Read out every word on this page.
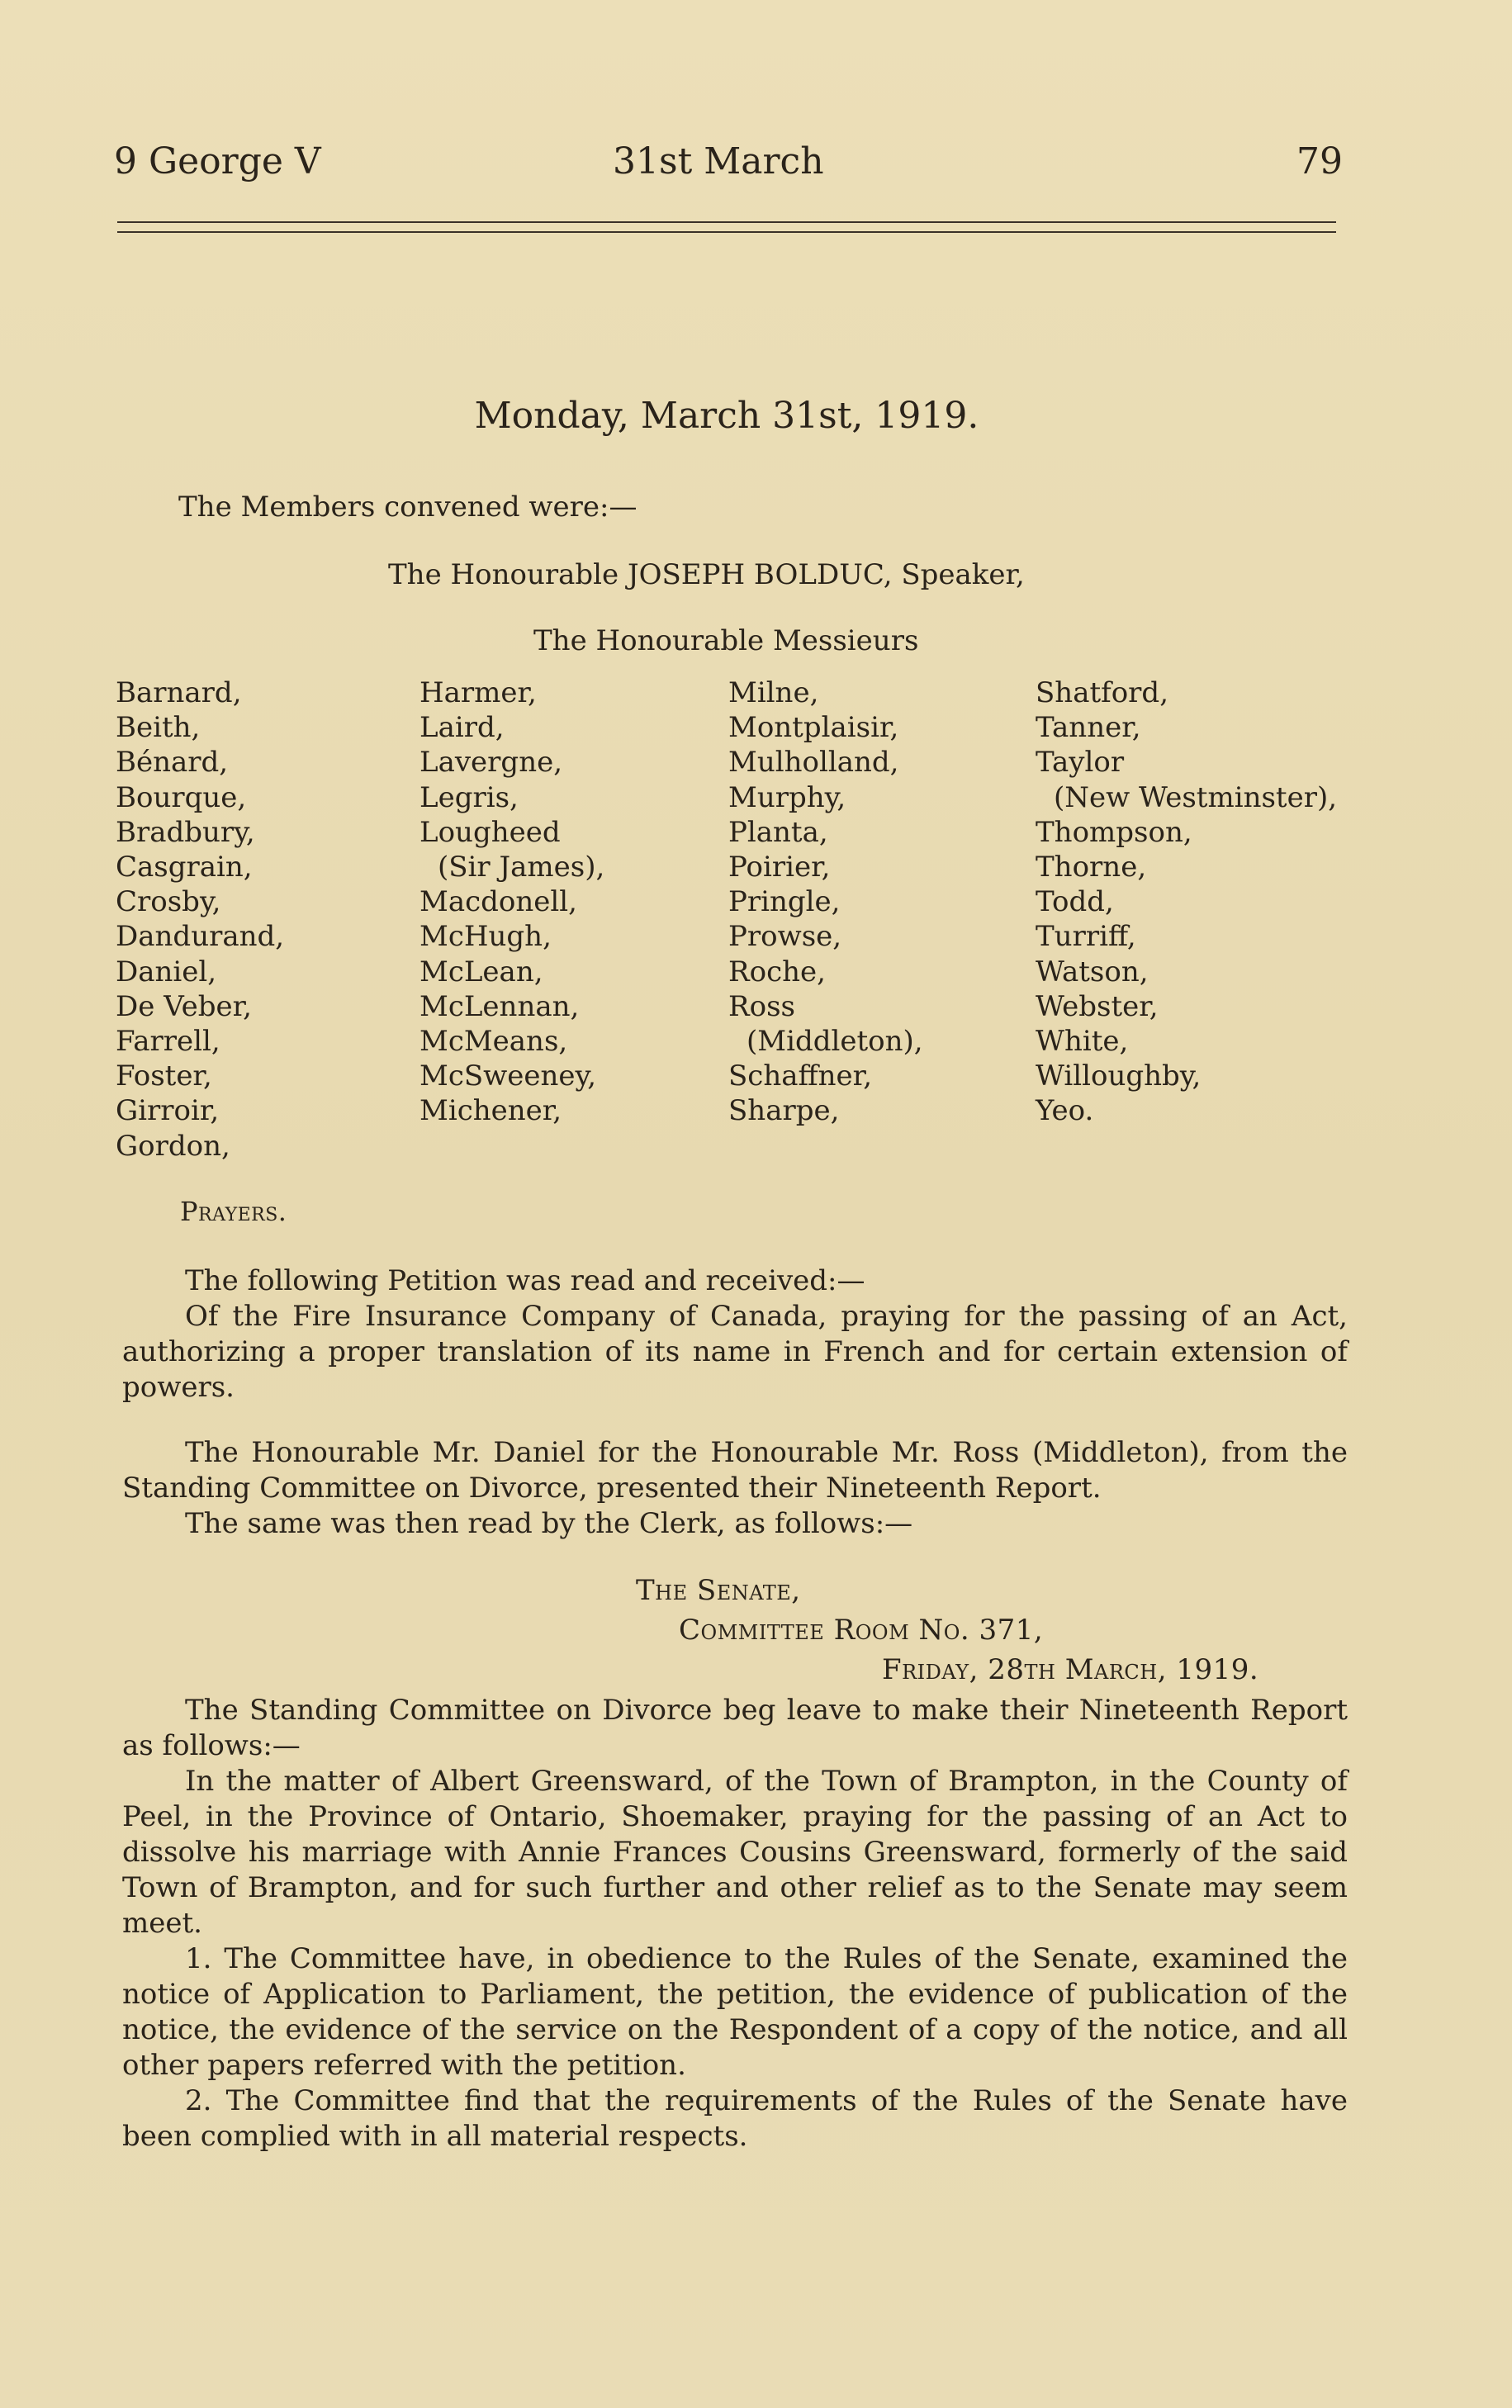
9 George V	31st March	79
Monday, March 31st, 1919.
The Members convened were:—
The Honourable JOSEPH BOLDUC, Speaker,
The Honourable Messieurs
Barnard,
Beith,
Bénard,
Bourque,
Bradbury,
Casgrain,
Crosby,
Dandurand,
Daniel,
De Veber,
Farrell,
Foster,
Girroir,
Gordon,
Harmer,
Laird,
Lavergne,
Legris,
Lougheed
(Sir James),
Macdonell,
McHugh,
McLean,
McLennan,
McMeans,
McSweeney,
Michener,
Milne,
Montplaisir,
Mulholland,
Murphy,
Planta,
Poirier,
Pringle,
Prowse,
Roche,
Ross
(Middleton),
Schaffner,
Sharpe,
Shatford,
Tanner,
Taylor
(New Westminster),
Thompson,
Thorne,
Todd,
Turriff,
Watson,
Webster,
White,
Willoughby,
Yeo.
Prayers.

The following Petition was read and received:—

Of the Fire Insurance Company of Canada, praying for the passing of an Act, authorizing a proper translation of its name in French and for certain extension of powers.

The Honourable Mr. Daniel for the Honourable Mr. Ross (Middleton), from the Standing Committee on Divorce, presented their Nineteenth Report.

The same was then read by the Clerk, as follows:—

The Senate,
Committee Room No. 371,
Friday, 28th March, 1919.

The Standing Committee on Divorce beg leave to make their Nineteenth Report as follows:—

In the matter of Albert Greensward, of the Town of Brampton, in the County of Peel, in the Province of Ontario, Shoemaker, praying for the passing of an Act to dissolve his marriage with Annie Frances Cousins Greensward, formerly of the said Town of Brampton, and for such further and other relief as to the Senate may seem meet.

1. The Committee have, in obedience to the Rules of the Senate, examined the notice of Application to Parliament, the petition, the evidence of publication of the notice, the evidence of the service on the Respondent of a copy of the notice, and all other papers referred with the petition.

2. The Committee find that the requirements of the Rules of the Senate have been complied with in all material respects.
